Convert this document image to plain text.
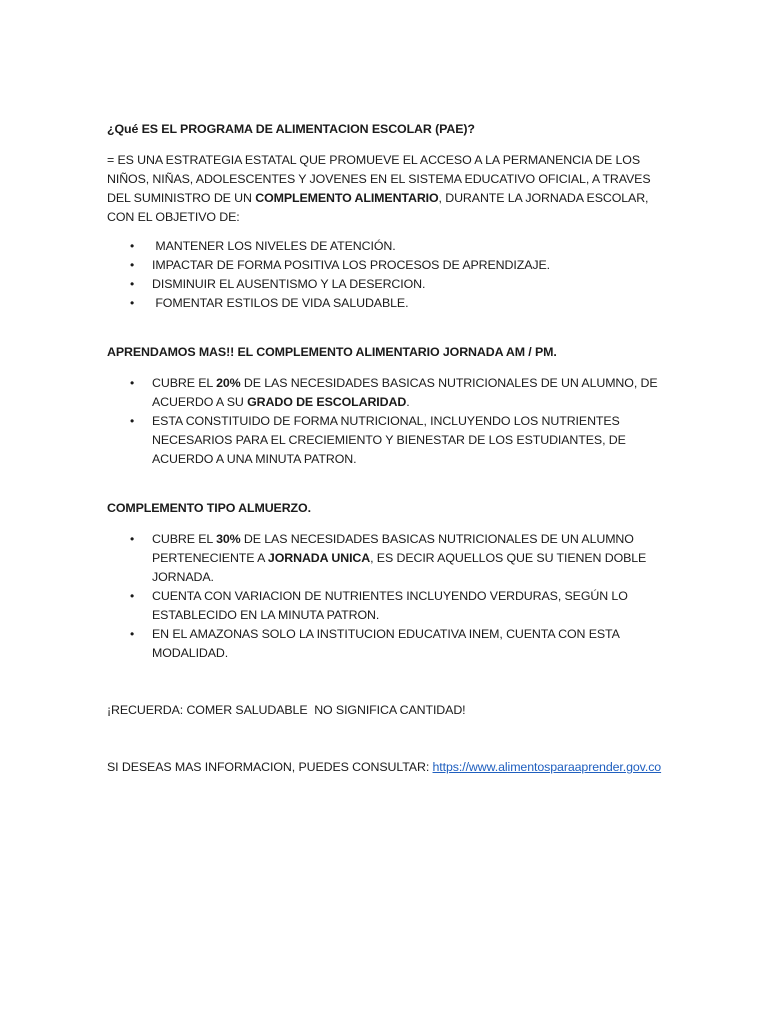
¿Qué ES EL PROGRAMA DE ALIMENTACION ESCOLAR (PAE)?

= ES UNA ESTRATEGIA ESTATAL QUE PROMUEVE EL ACCESO A LA PERMANENCIA DE LOS NIÑOS, NIÑAS, ADOLESCENTES Y JOVENES EN EL SISTEMA EDUCATIVO OFICIAL, A TRAVES DEL SUMINISTRO DE UN COMPLEMENTO ALIMENTARIO, DURANTE LA JORNADA ESCOLAR, CON EL OBJETIVO DE:

• MANTENER LOS NIVELES DE ATENCIÓN.
• IMPACTAR DE FORMA POSITIVA LOS PROCESOS DE APRENDIZAJE.
• DISMINUIR EL AUSENTISMO Y LA DESERCION.
• FOMENTAR ESTILOS DE VIDA SALUDABLE.

APRENDAMOS MAS!! EL COMPLEMENTO ALIMENTARIO JORNADA AM / PM.

• CUBRE EL 20% DE LAS NECESIDADES BASICAS NUTRICIONALES DE UN ALUMNO, DE ACUERDO A SU GRADO DE ESCOLARIDAD.
• ESTA CONSTITUIDO DE FORMA NUTRICIONAL, INCLUYENDO LOS NUTRIENTES NECESARIOS PARA EL CRECIEMIENTO Y BIENESTAR DE LOS ESTUDIANTES, DE ACUERDO A UNA MINUTA PATRON.

COMPLEMENTO TIPO ALMUERZO.

• CUBRE EL 30% DE LAS NECESIDADES BASICAS NUTRICIONALES DE UN ALUMNO PERTENECIENTE A JORNADA UNICA, ES DECIR AQUELLOS QUE SU TIENEN DOBLE JORNADA.
• CUENTA CON VARIACION DE NUTRIENTES INCLUYENDO VERDURAS, SEGÚN LO ESTABLECIDO EN LA MINUTA PATRON.
• EN EL AMAZONAS SOLO LA INSTITUCION EDUCATIVA INEM, CUENTA CON ESTA MODALIDAD.

¡RECUERDA: COMER SALUDABLE  NO SIGNIFICA CANTIDAD!

SI DESEAS MAS INFORMACION, PUEDES CONSULTAR: https://www.alimentosparaaprender.gov.co
